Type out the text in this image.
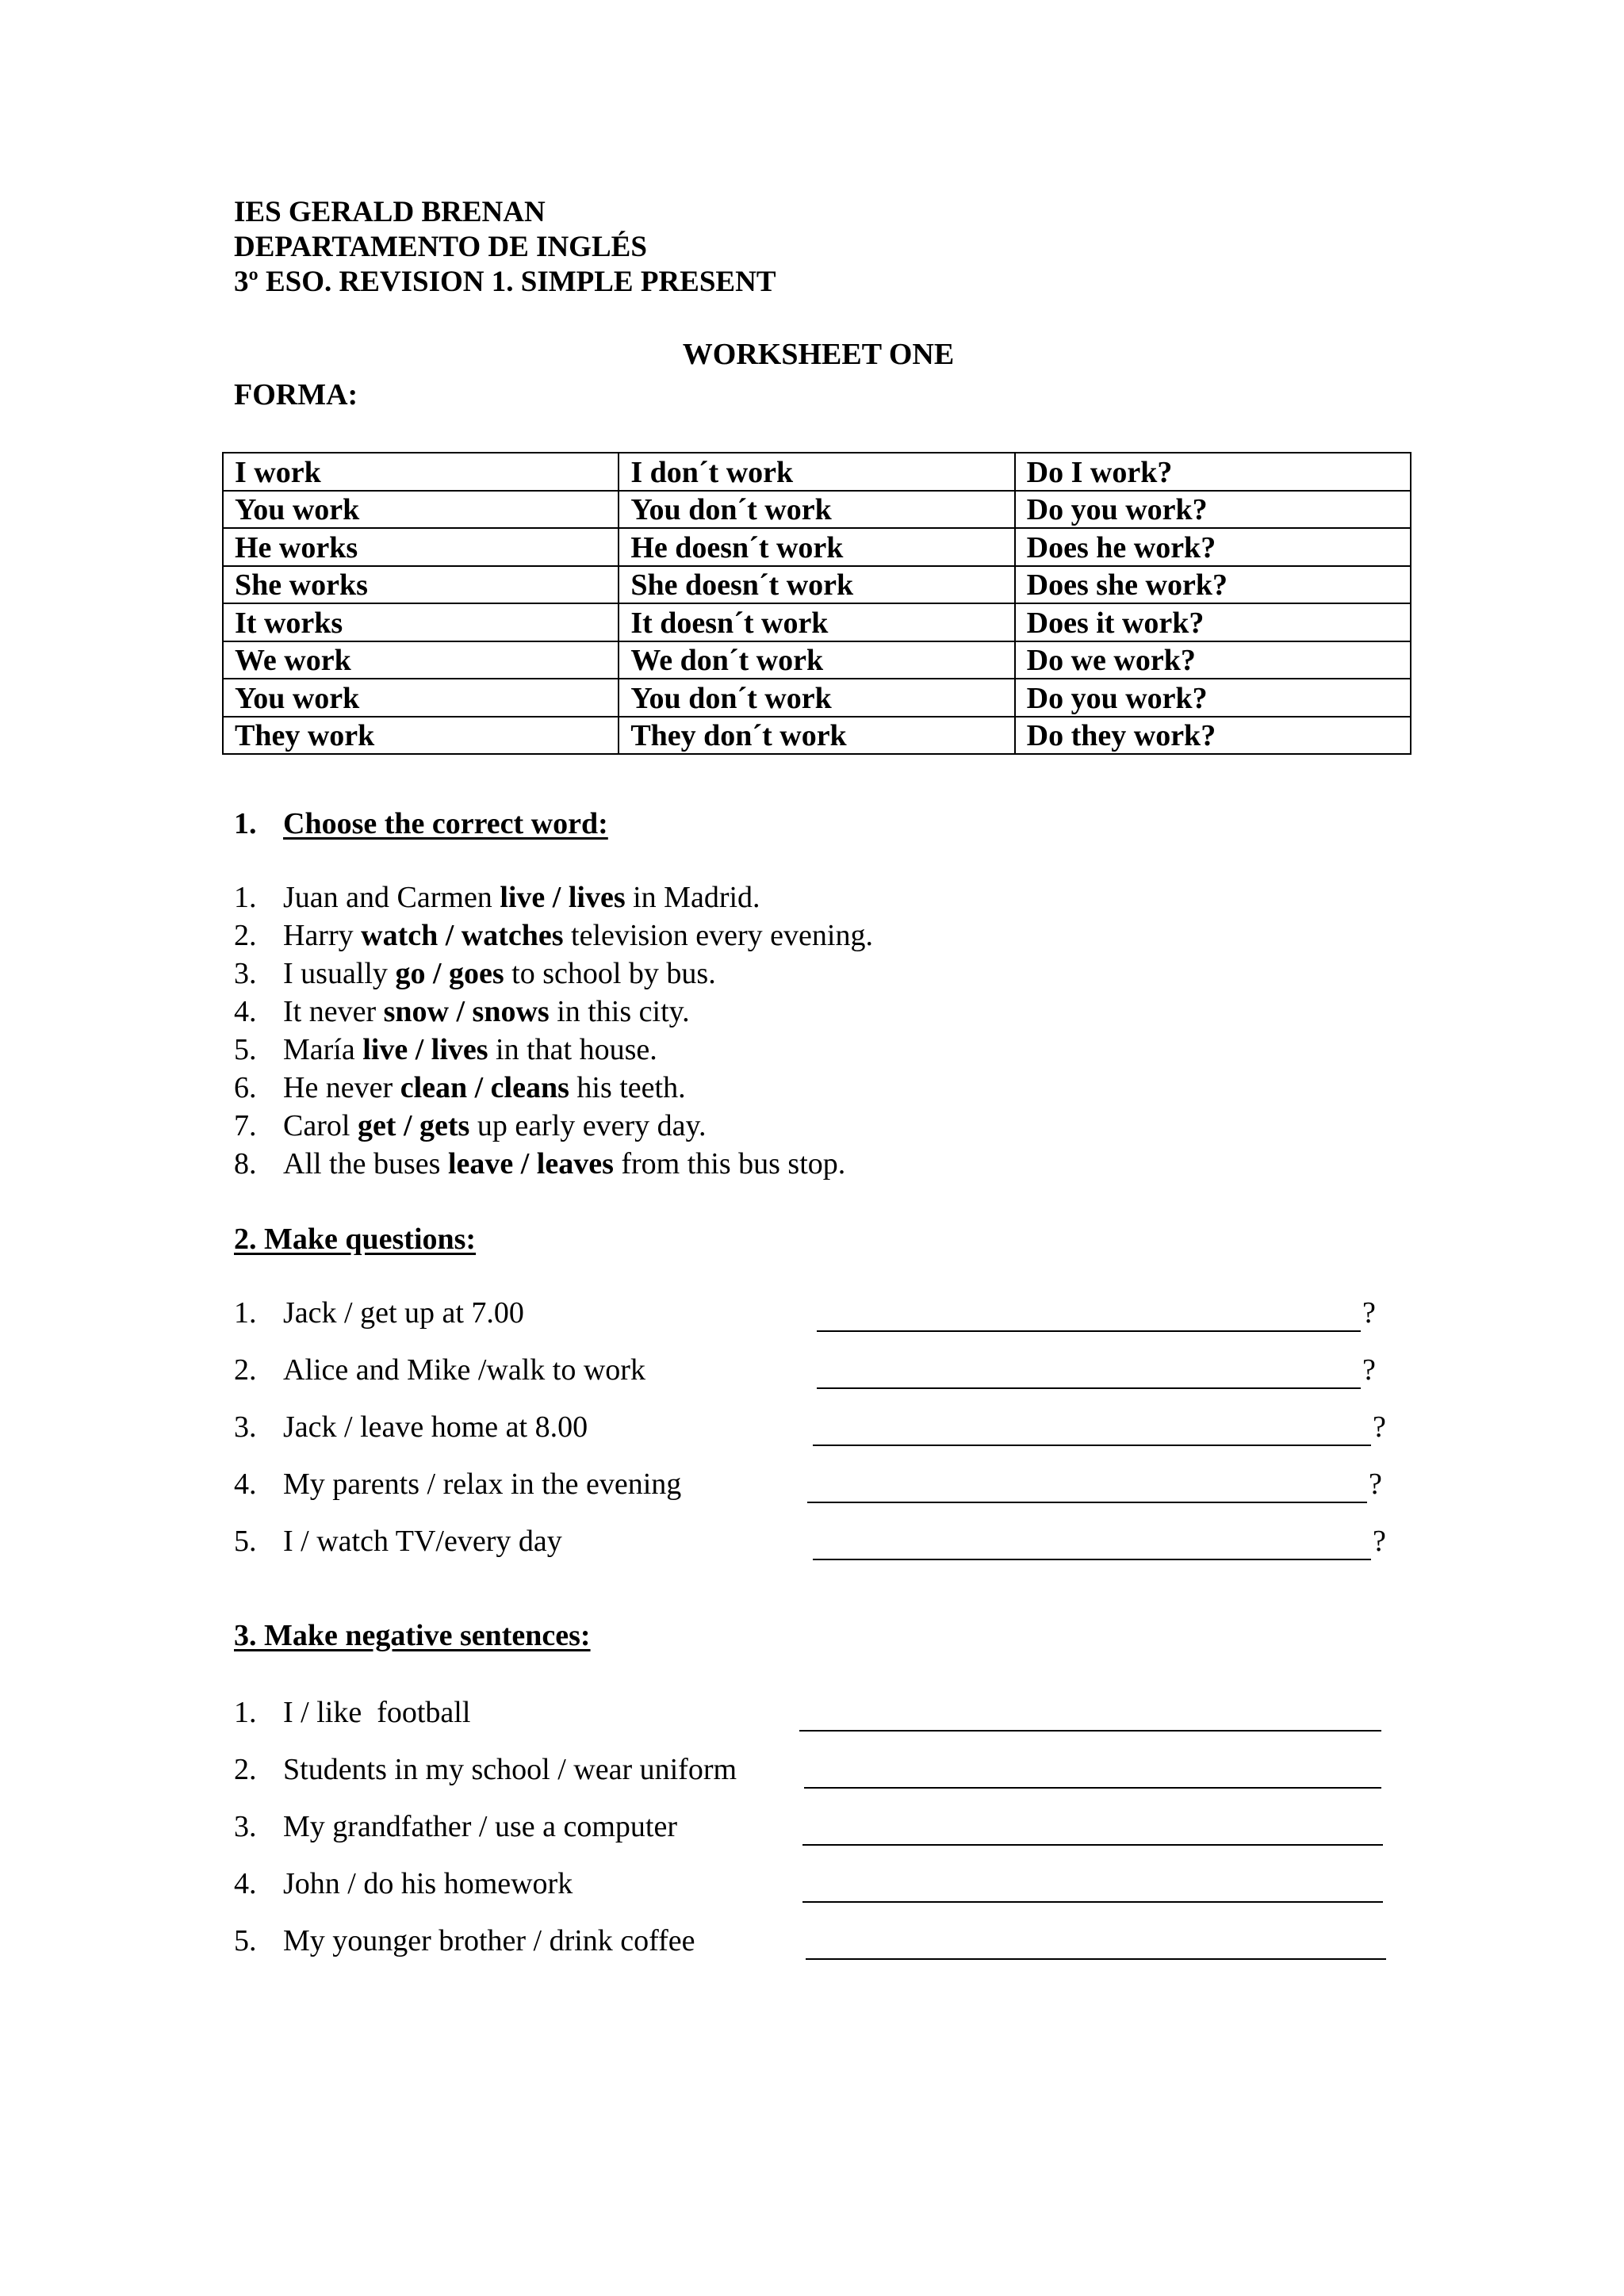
IES GERALD BRENAN
DEPARTAMENTO DE INGLÉS
3º ESO. REVISION 1. SIMPLE PRESENT
WORKSHEET ONE
FORMA:
I work	I don´t work	Do I work?
You work	You don´t work	Do you work?
He works	He doesn´t work	Does he work?
She works	She doesn´t work	Does she work?
It works	It doesn´t work	Does it work?
We work	We don´t work	Do we work?
You work	You don´t work	Do you work?
They work	They don´t work	Do they work?
1. Choose the correct word:
1. Juan and Carmen live / lives in Madrid.
2. Harry watch / watches television every evening.
3. I usually go / goes to school by bus.
4. It never snow / snows in this city.
5. María live / lives in that house.
6. He never clean / cleans his teeth.
7. Carol get / gets up early every day.
8. All the buses leave / leaves from this bus stop.
2. Make questions:
1. Jack / get up at 7.00	?
2. Alice and Mike /walk to work	?
3. Jack / leave home at 8.00	?
4. My parents / relax in the evening	?
5. I / watch TV/every day	?
3. Make negative sentences:
1. I / like  football
2. Students in my school / wear uniform
3. My grandfather / use a computer
4. John / do his homework
5. My younger brother / drink coffee
